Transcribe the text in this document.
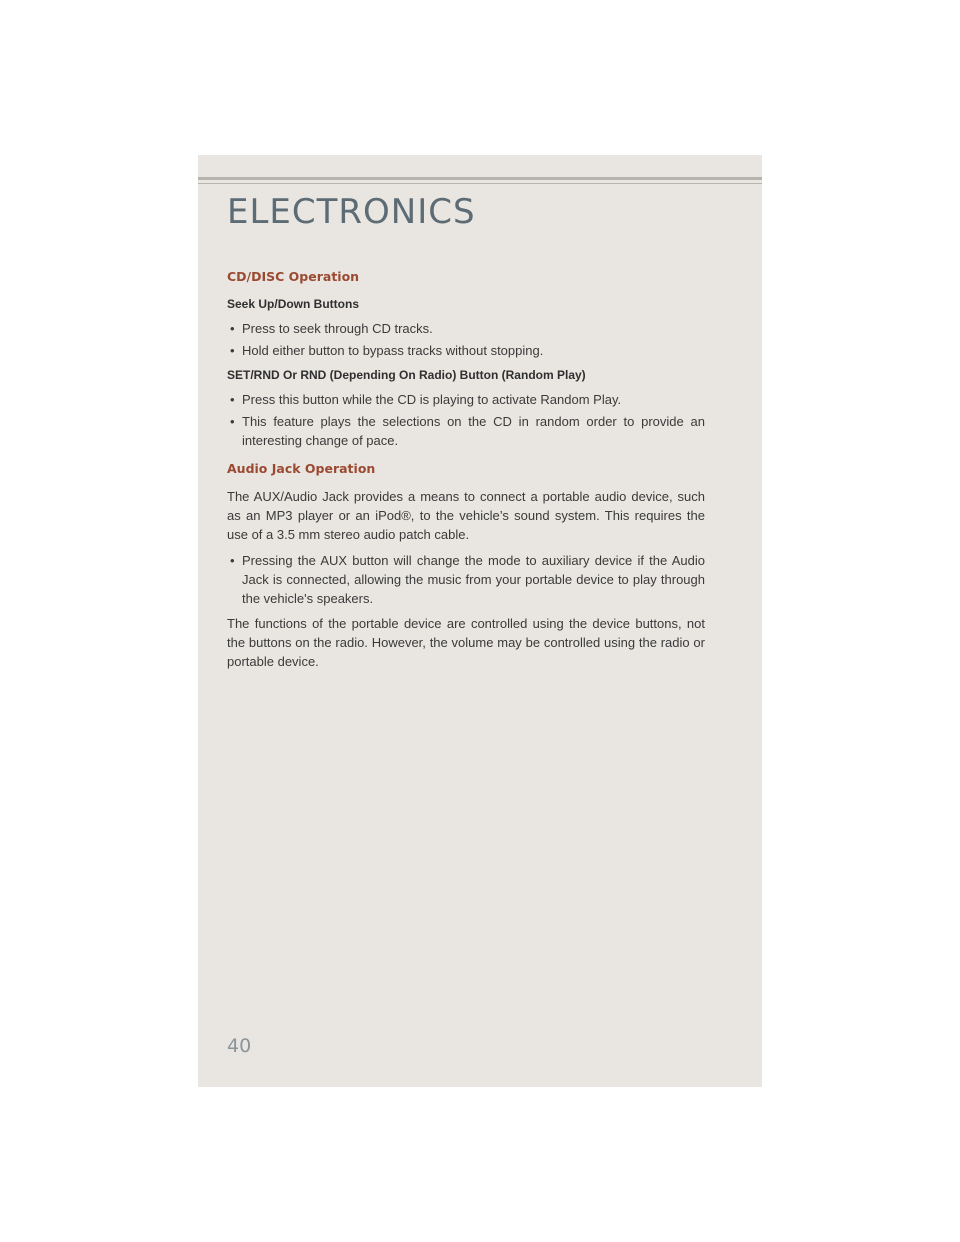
ELECTRONICS
CD/DISC Operation
Seek Up/Down Buttons
• Press to seek through CD tracks.
• Hold either button to bypass tracks without stopping.
SET/RND Or RND (Depending On Radio) Button (Random Play)
• Press this button while the CD is playing to activate Random Play.
• This feature plays the selections on the CD in random order to provide an interesting change of pace.
Audio Jack Operation

The AUX/Audio Jack provides a means to connect a portable audio device, such as an MP3 player or an iPod®, to the vehicle’s sound system. This requires the use of a 3.5 mm stereo audio patch cable.

• Pressing the AUX button will change the mode to auxiliary device if the Audio Jack is connected, allowing the music from your portable device to play through the vehicle's speakers.

The functions of the portable device are controlled using the device buttons, not the buttons on the radio. However, the volume may be controlled using the radio or portable device.

40
